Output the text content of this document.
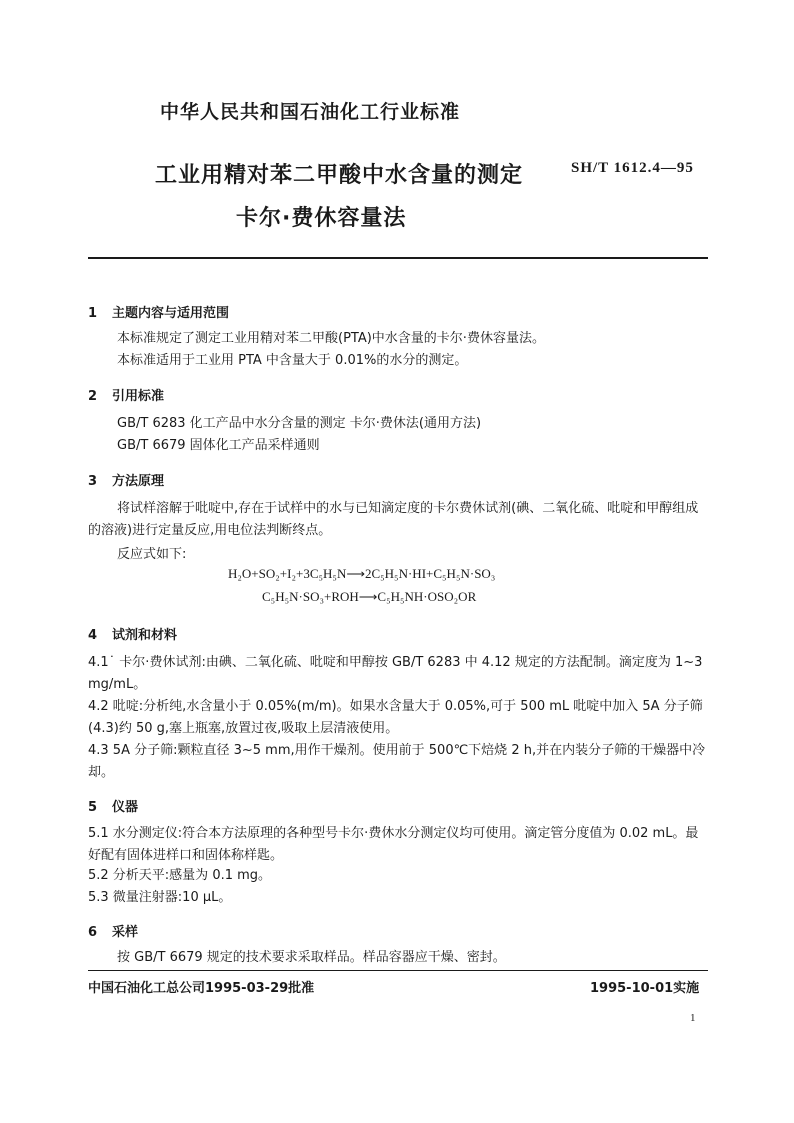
中华人民共和国石油化工行业标准
工业用精对苯二甲酸中水含量的测定
卡尔·费休容量法
SH/T 1612.4—95
1 主题内容与适用范围
本标准规定了测定工业用精对苯二甲酸(PTA)中水含量的卡尔·费休容量法。
本标准适用于工业用 PTA 中含量大于 0.01%的水分的测定。
2 引用标准
GB/T 6283 化工产品中水分含量的测定 卡尔·费休法(通用方法)
GB/T 6679 固体化工产品采样通则
3 方法原理
将试样溶解于吡啶中,存在于试样中的水与已知滴定度的卡尔费休试剂(碘、二氧化硫、吡啶和甲醇组成的溶液)进行定量反应,用电位法判断终点。
反应式如下:
H₂O+SO₂+I₂+3C₅H₅N⟶2C₅H₅N·HI+C₅H₅N·SO₃
C₅H₅N·SO₃+ROH⟶C₅H₅NH·OSO₂OR
4 试剂和材料
4.1˙ 卡尔·费休试剂:由碘、二氧化硫、吡啶和甲醇按 GB/T 6283 中 4.12 规定的方法配制。滴定度为 1~3 mg/mL。
4.2 吡啶:分析纯,水含量小于 0.05%(m/m)。如果水含量大于 0.05%,可于 500 mL 吡啶中加入 5A 分子筛(4.3)约 50 g,塞上瓶塞,放置过夜,吸取上层清液使用。
4.3 5A 分子筛:颗粒直径 3~5 mm,用作干燥剂。使用前于 500℃下焙烧 2 h,并在内装分子筛的干燥器中冷却。
5 仪器
5.1 水分测定仪:符合本方法原理的各种型号卡尔·费休水分测定仪均可使用。滴定管分度值为 0.02 mL。最好配有固体进样口和固体称样匙。
5.2 分析天平:感量为 0.1 mg。
5.3 微量注射器:10 μL。
6 采样
按 GB/T 6679 规定的技术要求采取样品。样品容器应干燥、密封。
中国石油化工总公司1995-03-29批准	1995-10-01实施
1
